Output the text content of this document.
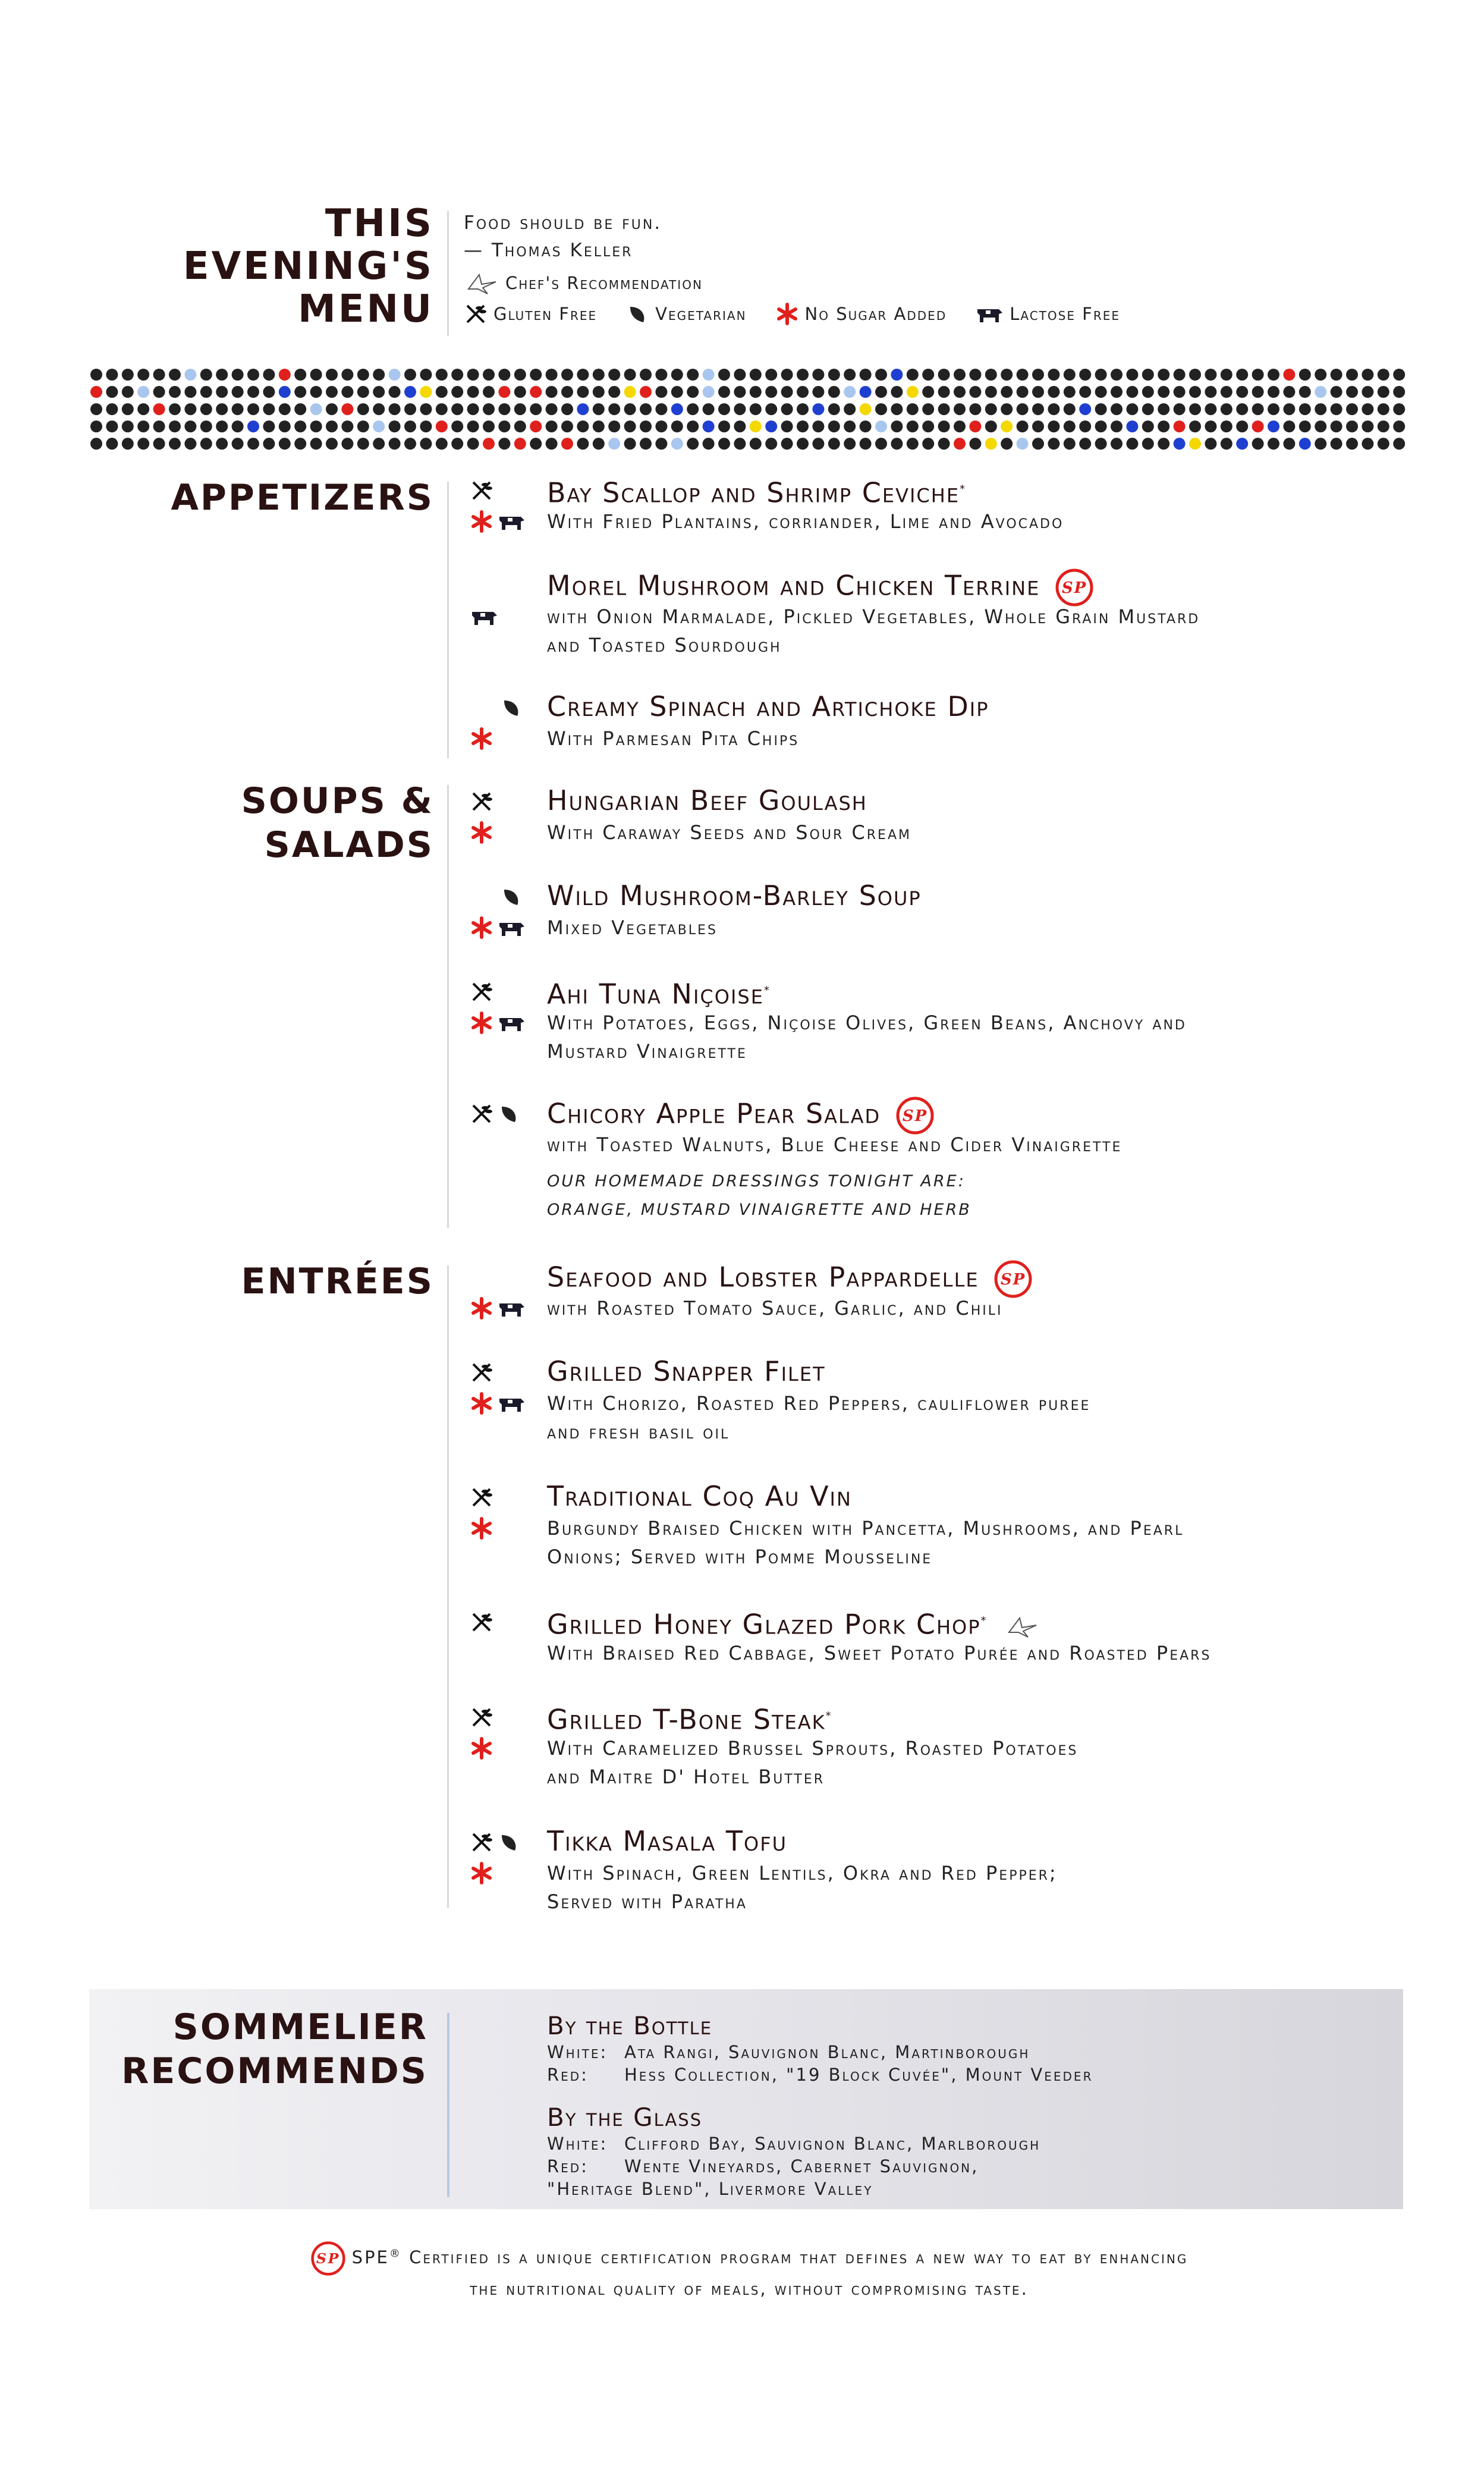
THIS
EVENING'S
MENU
Food should be fun.
— Thomas Keller
Chef's Recommendation
Gluten Free	Vegetarian	No Sugar Added	Lactose Free
APPETIZERS	Bay Scallop and Shrimp Ceviche*
With Fried Plantains, corriander, Lime and Avocado
Morel Mushroom and Chicken Terrine SP
with Onion Marmalade, Pickled Vegetables, Whole Grain Mustard
and Toasted Sourdough
Creamy Spinach and Artichoke Dip
With Parmesan Pita Chips
SOUPS &
SALADS
Hungarian Beef Goulash
With Caraway Seeds and Sour Cream
Wild Mushroom-Barley Soup
Mixed Vegetables
Ahi Tuna Niçoise*
With Potatoes, Eggs, Niçoise Olives, Green Beans, Anchovy and
Mustard Vinaigrette
Chicory Apple Pear Salad SP
with Toasted Walnuts, Blue Cheese and Cider Vinaigrette
OUR HOMEMADE DRESSINGS TONIGHT ARE:
ORANGE, MUSTARD VINAIGRETTE AND HERB
ENTRÉES	Seafood and Lobster Pappardelle SP
with Roasted Tomato Sauce, Garlic, and Chili
Grilled Snapper Filet
With Chorizo, Roasted Red Peppers, cauliflower puree
and fresh basil oil
Traditional Coq Au Vin
Burgundy Braised Chicken with Pancetta, Mushrooms, and Pearl
Onions; Served with Pomme Mousseline
Grilled Honey Glazed Pork Chop*
With Braised Red Cabbage, Sweet Potato Purée and Roasted Pears
Grilled T-Bone Steak*
With Caramelized Brussel Sprouts, Roasted Potatoes
and Maitre D' Hotel Butter
Tikka Masala Tofu
With Spinach, Green Lentils, Okra and Red Pepper;
Served with Paratha
SOMMELIER
RECOMMENDS
By the Bottle
White: Ata Rangi, Sauvignon Blanc, Martinborough
Red: Hess Collection, "19 Block Cuvée", Mount Veeder
By the Glass
White: Clifford Bay, Sauvignon Blanc, Marlborough
Red: Wente Vineyards, Cabernet Sauvignon,
"Heritage Blend", Livermore Valley
SP SPE® Certified is a unique certification program that defines a new way to eat by enhancing
the nutritional quality of meals, without compromising taste.
